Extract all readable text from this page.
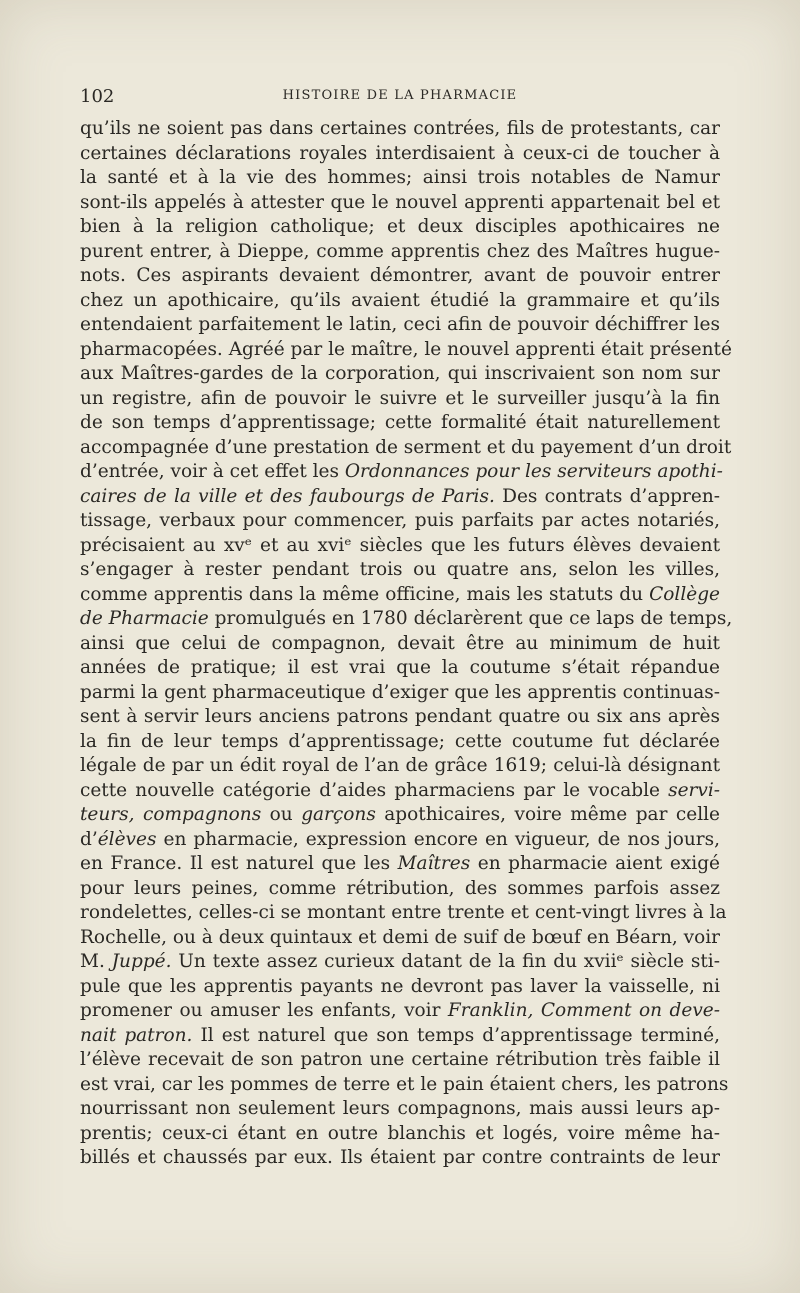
102	HISTOIRE DE LA PHARMACIE
qu’ils ne soient pas dans certaines contrées, fils de protestants, car
certaines déclarations royales interdisaient à ceux-ci de toucher à
la santé et à la vie des hommes; ainsi trois notables de Namur
sont-ils appelés à attester que le nouvel apprenti appartenait bel et
bien à la religion catholique; et deux disciples apothicaires ne
purent entrer, à Dieppe, comme apprentis chez des Maîtres hugue-
nots. Ces aspirants devaient démontrer, avant de pouvoir entrer
chez un apothicaire, qu’ils avaient étudié la grammaire et qu’ils
entendaient parfaitement le latin, ceci afin de pouvoir déchiffrer les
pharmacopées. Agréé par le maître, le nouvel apprenti était présenté
aux Maîtres-gardes de la corporation, qui inscrivaient son nom sur
un registre, afin de pouvoir le suivre et le surveiller jusqu’à la fin
de son temps d’apprentissage; cette formalité était naturellement
accompagnée d’une prestation de serment et du payement d’un droit
d’entrée, voir à cet effet les Ordonnances pour les serviteurs apothi-
caires de la ville et des faubourgs de Paris. Des contrats d’appren-
tissage, verbaux pour commencer, puis parfaits par actes notariés,
précisaient au xvᵉ et au xviᵉ siècles que les futurs élèves devaient
s’engager à rester pendant trois ou quatre ans, selon les villes,
comme apprentis dans la même officine, mais les statuts du Collège
de Pharmacie promulgués en 1780 déclarèrent que ce laps de temps,
ainsi que celui de compagnon, devait être au minimum de huit
années de pratique; il est vrai que la coutume s’était répandue
parmi la gent pharmaceutique d’exiger que les apprentis continuas-
sent à servir leurs anciens patrons pendant quatre ou six ans après
la fin de leur temps d’apprentissage; cette coutume fut déclarée
légale de par un édit royal de l’an de grâce 1619; celui-là désignant
cette nouvelle catégorie d’aides pharmaciens par le vocable servi-
teurs, compagnons ou garçons apothicaires, voire même par celle
d’élèves en pharmacie, expression encore en vigueur, de nos jours,
en France. Il est naturel que les Maîtres en pharmacie aient exigé
pour leurs peines, comme rétribution, des sommes parfois assez
rondelettes, celles-ci se montant entre trente et cent-vingt livres à la
Rochelle, ou à deux quintaux et demi de suif de bœuf en Béarn, voir
M. Juppé. Un texte assez curieux datant de la fin du xviiᵉ siècle sti-
pule que les apprentis payants ne devront pas laver la vaisselle, ni
promener ou amuser les enfants, voir Franklin, Comment on deve-
nait patron. Il est naturel que son temps d’apprentissage terminé,
l’élève recevait de son patron une certaine rétribution très faible il
est vrai, car les pommes de terre et le pain étaient chers, les patrons
nourrissant non seulement leurs compagnons, mais aussi leurs ap-
prentis; ceux-ci étant en outre blanchis et logés, voire même ha-
billés et chaussés par eux. Ils étaient par contre contraints de leur
